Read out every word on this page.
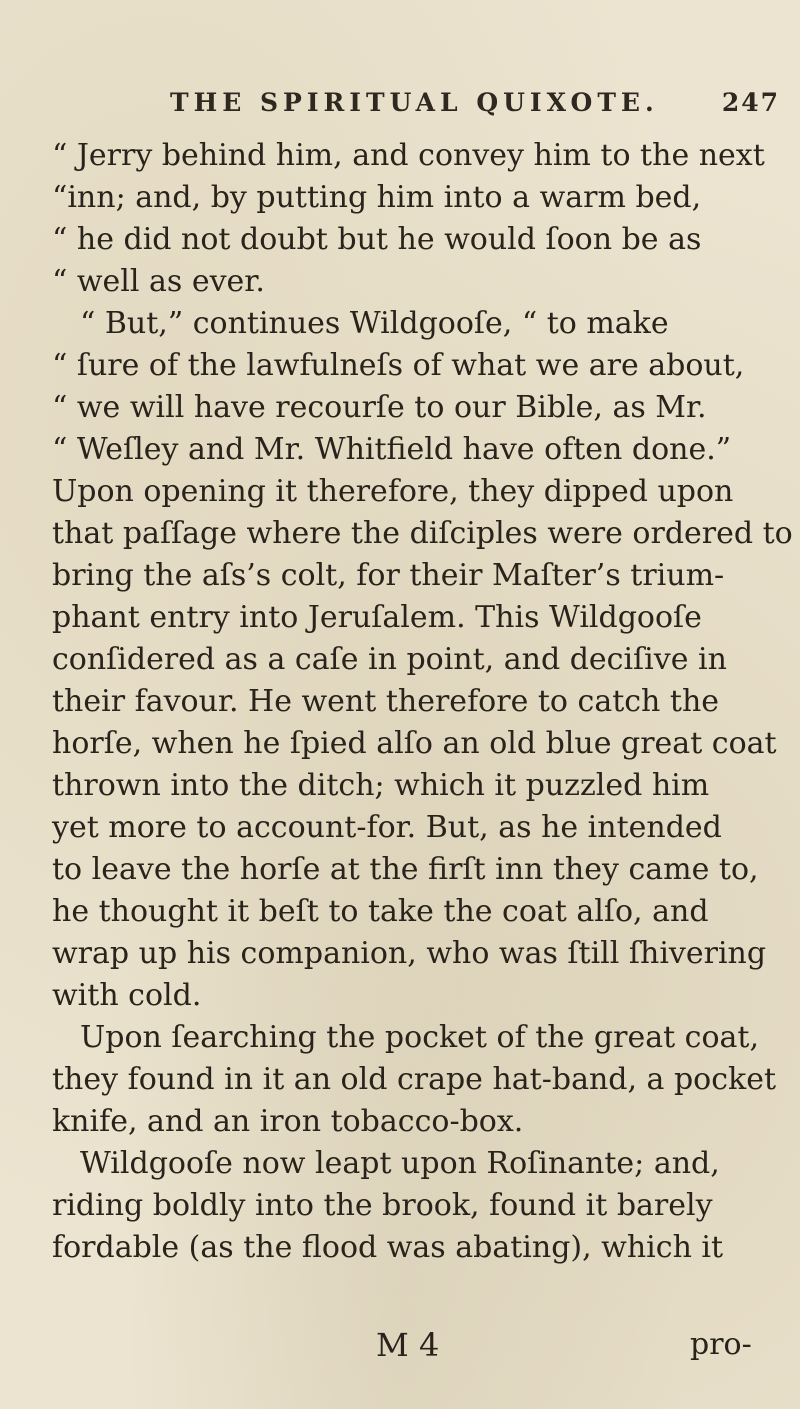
THE SPIRITUAL QUIXOTE.	247
“ Jerry behind him, and convey him to the next
“inn; and, by putting him into a warm bed,
“ he did not doubt but he would ſoon be as
“ well as ever.
“ But,” continues Wildgooſe, “ to make
“ ſure of the lawfulneſs of what we are about,
“ we will have recourſe to our Bible, as Mr.
“ Weſley and Mr. Whitfield have often done.”
Upon opening it therefore, they dipped upon
that paſſage where the diſciples were ordered to
bring the aſs’s colt, for their Maſter’s trium-
phant entry into Jeruſalem. This Wildgooſe
conſidered as a caſe in point, and deciſive in
their favour. He went therefore to catch the
horſe, when he ſpied alſo an old blue great coat
thrown into the ditch; which it puzzled him
yet more to account-for. But, as he intended
to leave the horſe at the firſt inn they came to,
he thought it beſt to take the coat alſo, and
wrap up his companion, who was ſtill ſhivering
with cold.
Upon ſearching the pocket of the great coat,
they found in it an old crape hat-band, a pocket
knife, and an iron tobacco-box.
Wildgooſe now leapt upon Roſinante; and,
riding boldly into the brook, found it barely
fordable (as the flood was abating), which it
M 4	pro-
